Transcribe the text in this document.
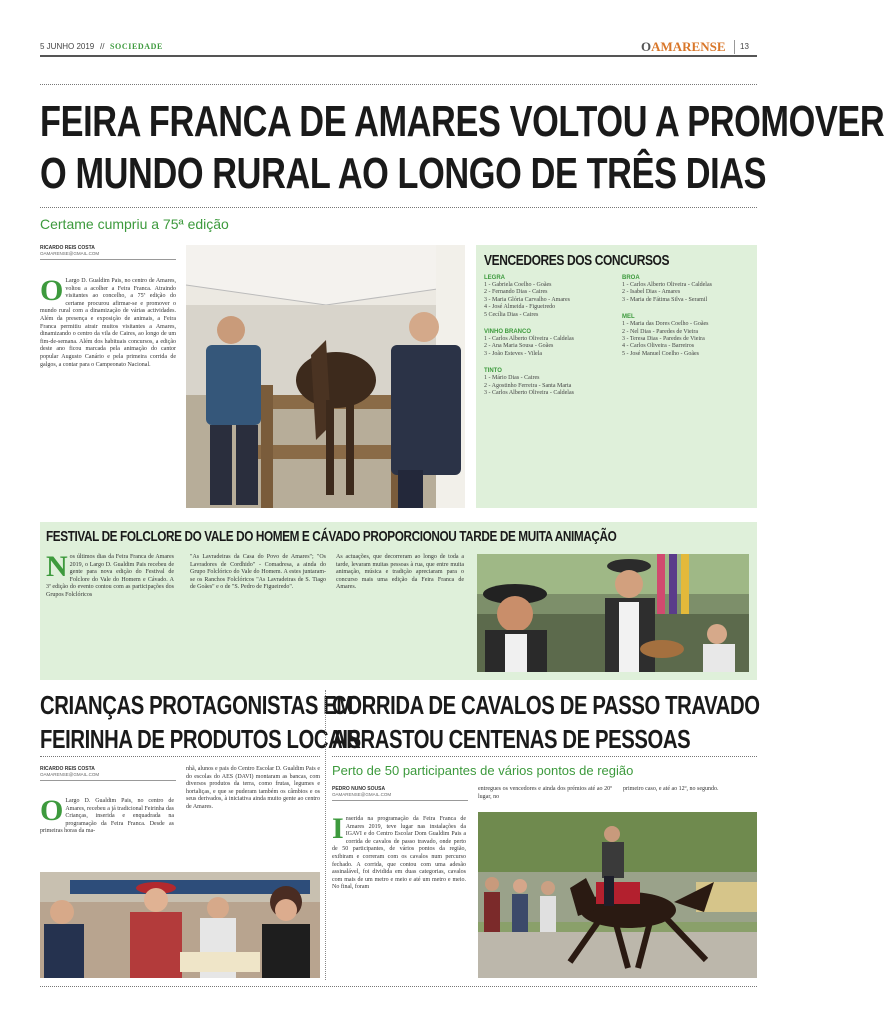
5 JUNHO 2019 // SOCIEDADE	OAMARENSE 13
FEIRA FRANCA DE AMARES VOLTOU A PROMOVER
O MUNDO RURAL AO LONGO DE TRÊS DIAS
Certame cumpriu a 75ª edição
RICARDO REIS COSTA
OAMARENSE@GMAIL.COM
O Largo D. Gualdim Pais, no centro de Amares, voltou a acolher a Feira Franca. Atraindo visitantes ao concelho, a 75ª edição do certame procurou afirmar-se e promover o mundo rural com a dinamização de várias actividades. Além da presença e exposição de animais, a Feira Franca permitiu atrair muitos visitantes a Amares, dinamizando o centro da vila de Caires, ao longo de um fim-de-semana. Além dos habituais concursos, a edição deste ano ficou marcada pela animação do cantor popular Augusto Canário e pela primeira corrida de galgos, a contar para o Campeonato Nacional.
VENCEDORES DOS CONCURSOS
LEGRA
1 - Gabriela Coelho - Goães
2 - Fernando Dias - Caires
3 - Maria Glória Carvalho - Amares
4 - José Almeida - Figueiredo
5 Cecília Dias - Caires
VINHO BRANCO
1 - Carlos Alberto Oliveira - Caldelas
2 - Ana Maria Sousa - Goães
3 - João Esteves - Vilela
TINTO
1 - Mário Dias - Caires
2 - Agostinho Ferreira - Santa Marta
3 - Carlos Alberto Oliveira - Caldelas
BROA
1 - Carlos Alberto Oliveira - Caldelas
2 - Isabel Dias - Amares
3 - Maria de Fátima Silva - Seramil
MEL
1 - Maria das Dores Coelho - Goães
2 - Nel Dias - Paredes de Vieira
3 - Teresa Dias - Paredes de Vieira
4 - Carlos Oliveira - Barreiros
5 - José Manuel Coelho - Goães
FESTIVAL DE FOLCLORE DO VALE DO HOMEM E CÁVADO PROPORCIONOU TARDE DE MUITA ANIMAÇÃO
N os últimos dias da Feira Franca de Amares 2019, o Largo D. Gualdim Pais recebeu de gente para nova edição do Festival de Folclore do Vale do Homem e Cávado. A 3ª edição do evento contou com as participações dos Grupos Folclóricos
"As Lavradeiras da Casa do Povo de Amares"; "Os Lavradores de Cordhido" - Comadresa, a ainda do Grupo Folclórico do Vale do Homem. A estes juntaram-se os Ranchos Folclóricos "As Lavradeiras de S. Tiago de Goães" e o de "S. Pedro de Figueiredo".
As actuações, que decorreram ao longo de toda a tarde, levaram muitas pessoas à rua, que entre muita animação, música e tradição apreciaram para o concurso mais uma edição da Feira Franca de Amares.
CRIANÇAS PROTAGONISTAS EM
FEIRINHA DE PRODUTOS LOCAIS
RICARDO REIS COSTA
OAMARENSE@GMAIL.COM
O Largo D. Gualdim Pais, no centro de Amares, recebeu a já tradicional Feirinha das Crianças, inserida e enquadrada na programação da Feira Franca. Desde as primeiras horas da ma-
nhã, alunos e pais do Centro Escolar D. Gualdim Pais e do escolas do AES (DAVI) montaram as bancas, com diversos produtos da terra, como frutas, legumes e hortaliças, e que se puderam também os câmbios e os seus derivados, à iniciativa ainda muito gente ao centro de Amares.
CORRIDA DE CAVALOS DE PASSO TRAVADO
ARRASTOU CENTENAS DE PESSOAS
Perto de 50 participantes de vários pontos de região
PEDRO NUNO SOUSA
OAMARENSE@GMAIL.COM
I nserida na programação da Feira Franca de Amares 2019, teve lugar nas instalações da IGAVI e do Centro Escolar Dom Gualdim Pais a corrida de cavalos de passo travado, onde perto de 50 participantes, de vários pontos da região, exibiram e correram com os cavalos num percurso fechado. A corrida, que contou com uma adesão assinalável, foi dividida em duas categorias, cavalos com mais de um metro e meio e até um metro e meio. No final, foram
entregues os vencedores e ainda dos prémios até ao 20º lugar, no
primeiro caso, e até ao 12º, no segundo.
